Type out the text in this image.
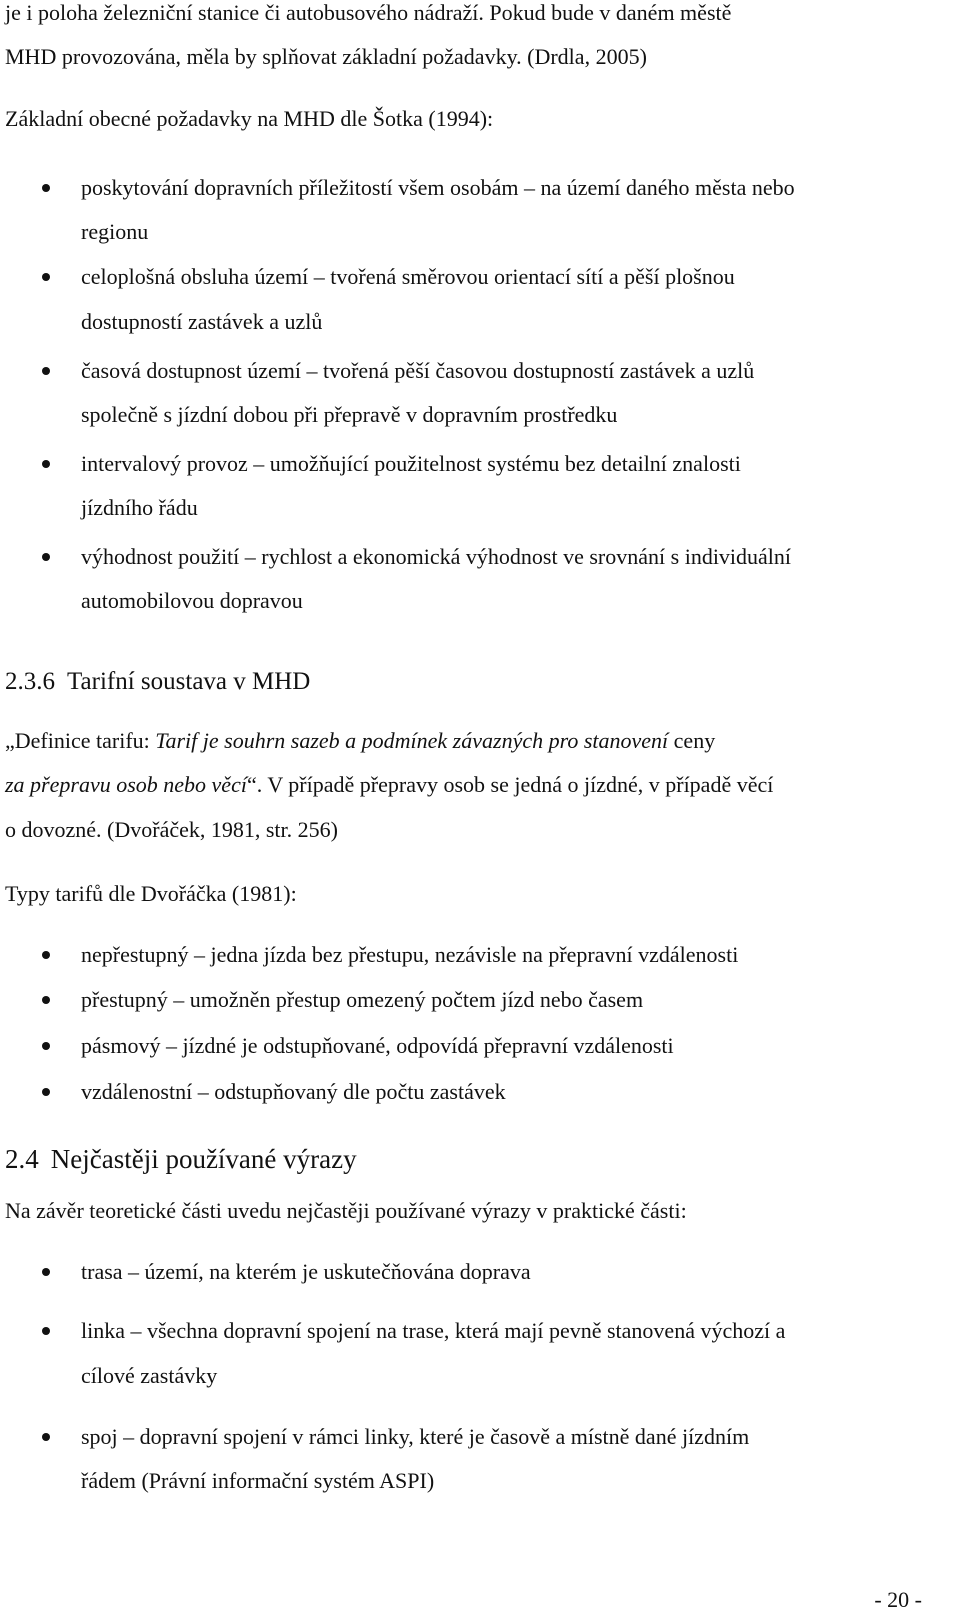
je i poloha železniční stanice či autobusového nádraží. Pokud bude v daném městě
MHD provozována, měla by splňovat základní požadavky. (Drdla, 2005)
Základní obecné požadavky na MHD dle Šotka (1994):
poskytování dopravních příležitostí všem osobám – na území daného města nebo
regionu
celoplošná obsluha území – tvořená směrovou orientací sítí a pěší plošnou
dostupností zastávek a uzlů
časová dostupnost území – tvořená pěší časovou dostupností zastávek a uzlů
společně s jízdní dobou při přepravě v dopravním prostředku
intervalový provoz – umožňující použitelnost systému bez detailní znalosti
jízdního řádu
výhodnost použití – rychlost a ekonomická výhodnost ve srovnání s individuální
automobilovou dopravou
2.3.6 Tarifní soustava v MHD
„Definice tarifu: Tarif je souhrn sazeb a podmínek závazných pro stanovení ceny
za přepravu osob nebo věcí“. V případě přepravy osob se jedná o jízdné, v případě věcí
o dovozné. (Dvořáček, 1981, str. 256)
Typy tarifů dle Dvořáčka (1981):
nepřestupný – jedna jízda bez přestupu, nezávisle na přepravní vzdálenosti
přestupný – umožněn přestup omezený počtem jízd nebo časem
pásmový – jízdné je odstupňované, odpovídá přepravní vzdálenosti
vzdálenostní – odstupňovaný dle počtu zastávek
2.4 Nejčastěji používané výrazy
Na závěr teoretické části uvedu nejčastěji používané výrazy v praktické části:
trasa – území, na kterém je uskutečňována doprava
linka – všechna dopravní spojení na trase, která mají pevně stanovená výchozí a
cílové zastávky
spoj – dopravní spojení v rámci linky, které je časově a místně dané jízdním
řádem (Právní informační systém ASPI)
- 20 -
